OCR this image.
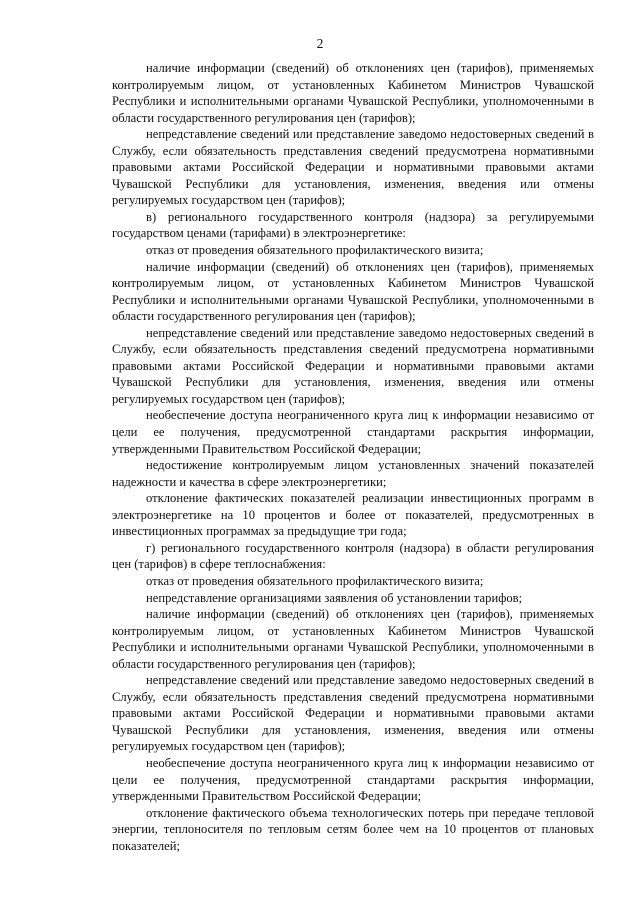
2

наличие информации (сведений) об отклонениях цен (тарифов), применяемых контролируемым лицом, от установленных Кабинетом Министров Чувашской Республики и исполнительными органами Чувашской Республики, уполномоченными в области государственного регулирования цен (тарифов);

непредставление сведений или представление заведомо недостоверных сведений в Службу, если обязательность представления сведений предусмотрена нормативными правовыми актами Российской Федерации и нормативными правовыми актами Чувашской Республики для установления, изменения, введения или отмены регулируемых государством цен (тарифов);

в) регионального государственного контроля (надзора) за регулируемыми государством ценами (тарифами) в электроэнергетике:

отказ от проведения обязательного профилактического визита;

наличие информации (сведений) об отклонениях цен (тарифов), применяемых контролируемым лицом, от установленных Кабинетом Министров Чувашской Республики и исполнительными органами Чувашской Республики, уполномоченными в области государственного регулирования цен (тарифов);

непредставление сведений или представление заведомо недостоверных сведений в Службу, если обязательность представления сведений предусмотрена нормативными правовыми актами Российской Федерации и нормативными правовыми актами Чувашской Республики для установления, изменения, введения или отмены регулируемых государством цен (тарифов);

необеспечение доступа неограниченного круга лиц к информации независимо от цели ее получения, предусмотренной стандартами раскрытия информации, утвержденными Правительством Российской Федерации;

недостижение контролируемым лицом установленных значений показателей надежности и качества в сфере электроэнергетики;

отклонение фактических показателей реализации инвестиционных программ в электроэнергетике на 10 процентов и более от показателей, предусмотренных в инвестиционных программах за предыдущие три года;

г) регионального государственного контроля (надзора) в области регулирования цен (тарифов) в сфере теплоснабжения:

отказ от проведения обязательного профилактического визита;

непредставление организациями заявления об установлении тарифов;

наличие информации (сведений) об отклонениях цен (тарифов), применяемых контролируемым лицом, от установленных Кабинетом Министров Чувашской Республики и исполнительными органами Чувашской Республики, уполномоченными в области государственного регулирования цен (тарифов);

непредставление сведений или представление заведомо недостоверных сведений в Службу, если обязательность представления сведений предусмотрена нормативными правовыми актами Российской Федерации и нормативными правовыми актами Чувашской Республики для установления, изменения, введения или отмены регулируемых государством цен (тарифов);

необеспечение доступа неограниченного круга лиц к информации независимо от цели ее получения, предусмотренной стандартами раскрытия информации, утвержденными Правительством Российской Федерации;

отклонение фактического объема технологических потерь при передаче тепловой энергии, теплоносителя по тепловым сетям более чем на 10 процентов от плановых показателей;
